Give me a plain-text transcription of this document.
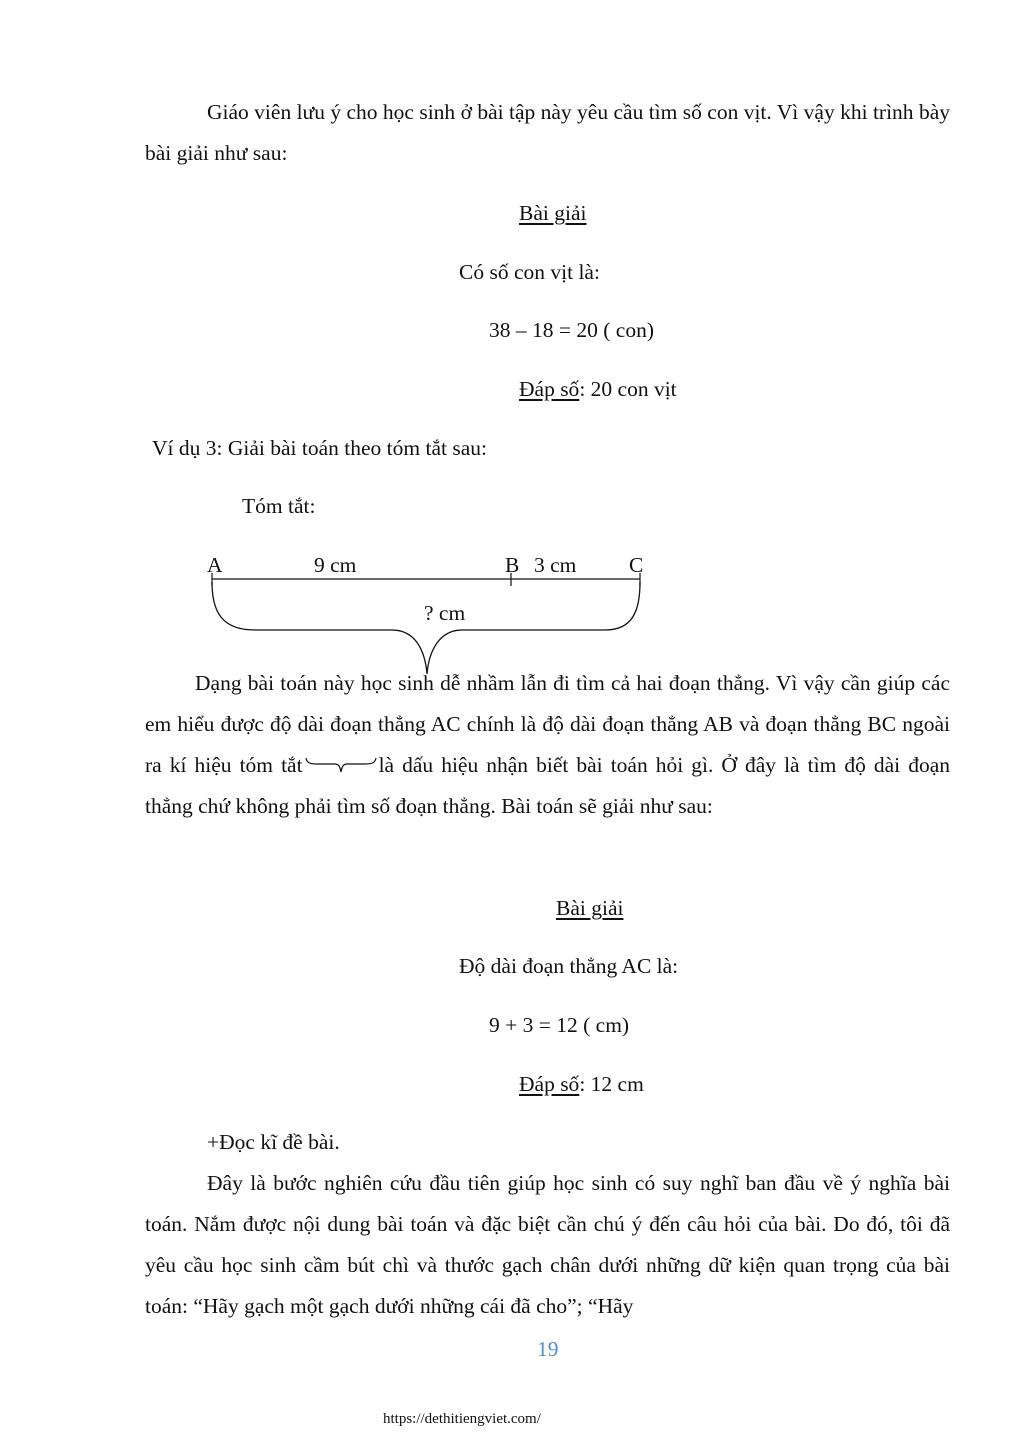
Giáo viên lưu ý cho học sinh ở bài tập này yêu cầu tìm số con vịt. Vì vậy khi trình bày bài giải như sau:
Bài giải
Có số con vịt là:
38 – 18 = 20 ( con)
Đáp số: 20 con vịt
Ví dụ 3: Giải bài toán theo tóm tắt sau:
Tóm tắt:
A	9 cm	B 3 cm C
? cm
Dạng bài toán này học sinh dễ nhầm lẫn đi tìm cả hai đoạn thẳng. Vì vậy cần giúp các em hiểu được độ dài đoạn thẳng AC chính là độ dài đoạn thẳng AB và đoạn thẳng BC ngoài ra kí hiệu tóm tắt	là dấu hiệu nhận biết bài toán hỏi gì. Ở đây là tìm độ dài đoạn thẳng chứ không phải tìm số đoạn thẳng. Bài toán sẽ giải như sau:
Bài giải
Độ dài đoạn thẳng AC là:
9 + 3 = 12 ( cm)
Đáp số: 12 cm
+Đọc kĩ đề bài.
Đây là bước nghiên cứu đầu tiên giúp học sinh có suy nghĩ ban đầu về ý nghĩa bài toán. Nắm được nội dung bài toán và đặc biệt cần chú ý đến câu hỏi của bài. Do đó, tôi đã yêu cầu học sinh cầm bút chì và thước gạch chân dưới những dữ kiện quan trọng của bài toán: “Hãy gạch một gạch dưới những cái đã cho”; “Hãy
19
https://dethitiengviet.com/
